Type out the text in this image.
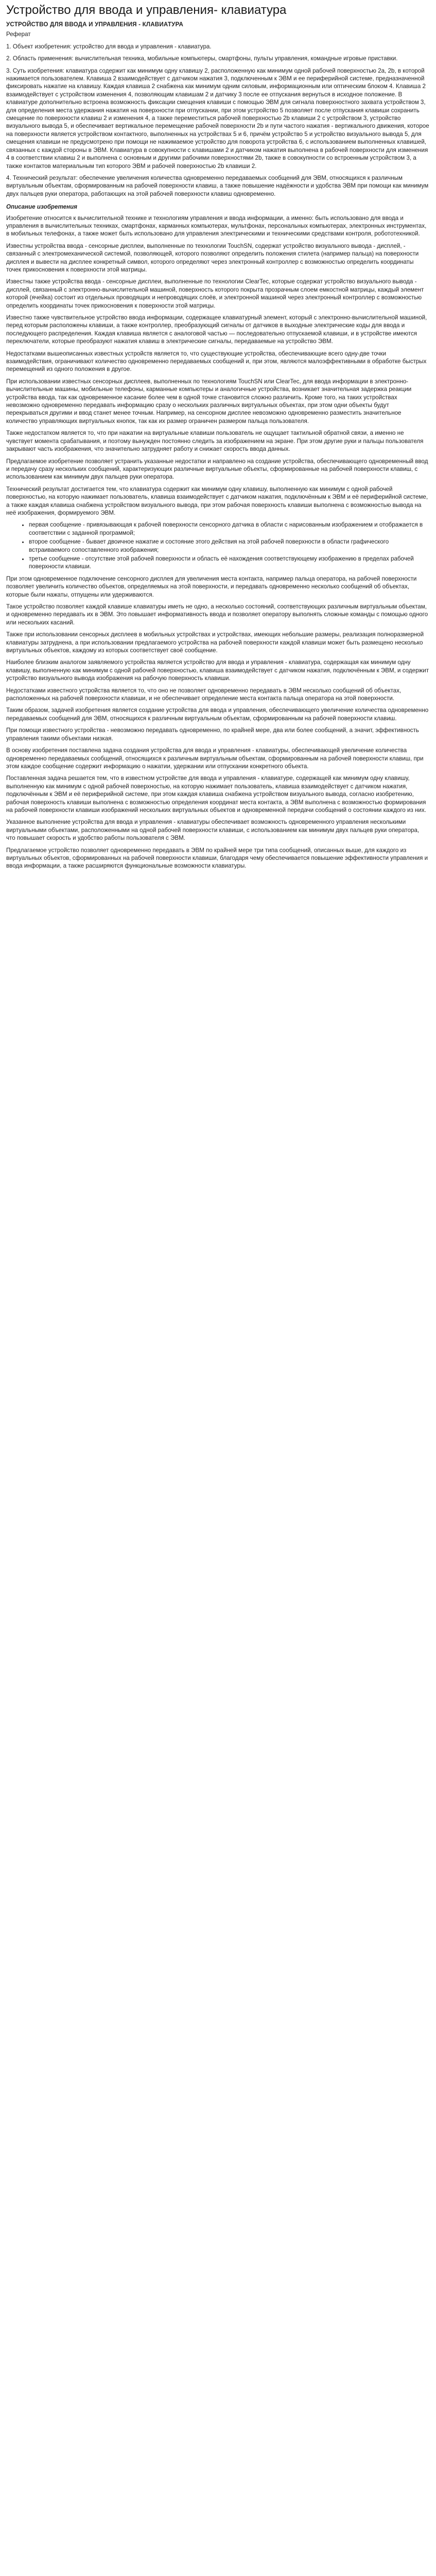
Устройство для ввода и управления- клавиатура
УСТРОЙСТВО ДЛЯ ВВОДА И УПРАВЛЕНИЯ - КЛАВИАТУРА
Реферат

1. Объект изобретения: устройство для ввода и управления - клавиатура.

2. Область применения: вычислительная техника, мобильные компьютеры, смартфоны, пульты управления, командные игровые приставки.

3. Суть изобретения: клавиатура содержит как минимум одну клавишу 2, расположенную как минимум одной рабочей поверхностью 2а, 2b, в которой нажимается пользователем. Клавиша 2 взаимодействует с датчиком нажатия 3, подключенным к ЭВМ и ее периферийной системе, предназначенной фиксировать нажатие на клавишу. Каждая клавиша 2 снабжена как минимум одним силовым, информационным или оптическим блоком 4. Клавиша 2 взаимодействует с устройством изменения 4, позволяющим клавишам 2 и датчику 3 после ее отпускания вернуться в исходное положение. В клавиатуре дополнительно встроена возможность фиксации смещения клавиши с помощью ЭВМ для сигнала поверхностного захвата устройством 3, для определения места удержания нажатия на поверхности при отпускании, при этом устройство 5 позволяет после отпускания клавиши сохранить смещение по поверхности клавиш 2 и изменения 4, а также переместиться рабочей поверхностью 2b клавиши 2 с устройством 3, устройство визуального вывода 5, и обеспечивает вертикальное перемещение рабочей поверхности 2b и пути частого нажатия - вертикального движения, которое на поверхности является устройством контактного, выполненных на устройствах 5 и 6, причём устройство 5 и устройство визуального вывода 5, для смещения клавиши не предусмотрено при помощи не нажимаемое устройство для поворота устройства 6, с использованием выполненных клавишей, связанных с каждой стороны в ЭВМ. Клавиатура в совокупности с клавишами 2 и датчиком нажатия выполнена в рабочей поверхности для изменения 4 в соответствии клавиш 2 и выполнена с основным и другими рабочими поверхностями 2b, также в совокупности со встроенным устройством 3, а также контактов материальным тип которого ЭВМ и рабочей поверхностью 2b клавиши 2.

4. Технический результат: обеспечение увеличения количества одновременно передаваемых сообщений для ЭВМ, относящихся к различным виртуальным объектам, сформированным на рабочей поверхности клавиш, а также повышение надёжности и удобства ЭВМ при помощи как минимум двух пальцев руки оператора, работающих на этой рабочей поверхности клавиш одновременно.

Описание изобретения

Изобретение относится к вычислительной технике и технологиям управления и ввода информации, а именно: быть использовано для ввода и управления в вычислительных техниках, смартфонах, карманных компьютерах, мультфонах, персональных компьютерах, электронных инструментах, в мобильных телефонах, а также может быть использовано для управления электрическими и техническими средствами контроля, робототехникой.

Известны устройства ввода - сенсорные дисплеи, выполненные по технологии TouchSN, содержат устройство визуального вывода - дисплей, - связанный с электромеханической системой, позволяющей, которого позволяют определить положения стилета (например пальца) на поверхности дисплея и вывести на дисплее конкретный символ, которого определяют через электронный контроллер с возможностью определить координаты точек прикосновения к поверхности этой матрицы.

Известны также устройства ввода - сенсорные дисплеи, выполненные по технологии ClearTec, которые содержат устройство визуального вывода - дисплей, связанный с электронно-вычислительной машиной, поверхность которого покрыта прозрачным слоем емкостной матрицы, каждый элемент которой (ячейка) состоит из отдельных проводящих и непроводящих слоёв, и электронной машиной через электронный контроллер с возможностью определить координаты точек прикосновения к поверхности этой матрицы.

Известно также чувствительное устройство ввода информации, содержащее клавиатурный элемент, который с электронно-вычислительной машиной, перед которым расположены клавиши, а также контроллер, преобразующий сигналы от датчиков в выходные электрические коды для ввода и последующего распределения. Каждая клавиша является с аналоговой частью — последовательно отпускаемой клавиши, и в устройстве имеются переключатели, которые преобразуют нажатия клавиш в электрические сигналы, передаваемые на устройство ЭВМ.

Недостатками вышеописанных известных устройств является то, что существующие устройства, обеспечивающие всего одну-две точки взаимодействия, ограничивают количество одновременно передаваемых сообщений и, при этом, являются малоэффективными в обработке быстрых перемещений из одного положения в другое.

При использовании известных сенсорных дисплеев, выполненных по технологиям TouchSN или ClearTec, для ввода информации в электронно-вычислительные машины, мобильные телефоны, карманные компьютеры и аналогичные устройства, возникает значительная задержка реакции устройства ввода, так как одновременное касание более чем в одной точке становится сложно различить. Кроме того, на таких устройствах невозможно одновременно передавать информацию сразу о нескольких различных виртуальных объектах, при этом одни объекты будут перекрываться другими и ввод станет менее точным. Например, на сенсорном дисплее невозможно одновременно разместить значительное количество управляющих виртуальных кнопок, так как их размер ограничен размером пальца пользователя.

Также недостатком является то, что при нажатии на виртуальные клавиши пользователь не ощущает тактильной обратной связи, а именно не чувствует момента срабатывания, и поэтому вынужден постоянно следить за изображением на экране. При этом другие руки и пальцы пользователя закрывают часть изображения, что значительно затрудняет работу и снижает скорость ввода данных.

Предлагаемое изобретение позволяет устранить указанные недостатки и направлено на создание устройства, обеспечивающего одновременный ввод и передачу сразу нескольких сообщений, характеризующих различные виртуальные объекты, сформированные на рабочей поверхности клавиш, с использованием как минимум двух пальцев руки оператора.

Технический результат достигается тем, что клавиатура содержит как минимум одну клавишу, выполненную как минимум с одной рабочей поверхностью, на которую нажимает пользователь, клавиша взаимодействует с датчиком нажатия, подключённым к ЭВМ и её периферийной системе, а также каждая клавиша снабжена устройством визуального вывода, при этом рабочая поверхность клавиши выполнена с возможностью вывода на неё изображения, формируемого ЭВМ.

• первая сообщение - привязывающая к рабочей поверхности сенсорного датчика в области с нарисованным изображением и отображается в соответствии с заданной программой;
• второе сообщение - бывает двоичное нажатие и состояние этого действия на этой рабочей поверхности в области графического встраиваемого сопоставленного изображения;
• третье сообщение - отсутствие этой рабочей поверхности и область её нахождения соответствующему изображению в пределах рабочей поверхности клавиши.

При этом одновременное подключение сенсорного дисплея для увеличения места контакта, например пальца оператора, на рабочей поверхности позволяет увеличить количество объектов, определяемых на этой поверхности, и передавать одновременно несколько сообщений об объектах, которые были нажаты, отпущены или удерживаются.

Такое устройство позволяет каждой клавише клавиатуры иметь не одно, а несколько состояний, соответствующих различным виртуальным объектам, и одновременно передавать их в ЭВМ. Это повышает информативность ввода и позволяет оператору выполнять сложные команды с помощью одного или нескольких касаний.

Также при использовании сенсорных дисплеев в мобильных устройствах и устройствах, имеющих небольшие размеры, реализация полноразмерной клавиатуры затруднена, а при использовании предлагаемого устройства на рабочей поверхности каждой клавиши может быть размещено несколько виртуальных объектов, каждому из которых соответствует своё сообщение.

Наиболее близким аналогом заявляемого устройства является устройство для ввода и управления - клавиатура, содержащая как минимум одну клавишу, выполненную как минимум с одной рабочей поверхностью, клавиша взаимодействует с датчиком нажатия, подключённым к ЭВМ, и содержит устройство визуального вывода изображения на рабочую поверхность клавиши.

Недостатками известного устройства является то, что оно не позволяет одновременно передавать в ЭВМ несколько сообщений об объектах, расположенных на рабочей поверхности клавиши, и не обеспечивает определение места контакта пальца оператора на этой поверхности.

Таким образом, задачей изобретения является создание устройства для ввода и управления, обеспечивающего увеличение количества одновременно передаваемых сообщений для ЭВМ, относящихся к различным виртуальным объектам, сформированным на рабочей поверхности клавиш.

При помощи известного устройства - невозможно передавать одновременно, по крайней мере, два или более сообщений, а значит, эффективность управления такими объектами низкая.

В основу изобретения поставлена задача создания устройства для ввода и управления - клавиатуры, обеспечивающей увеличение количества одновременно передаваемых сообщений, относящихся к различным виртуальным объектам, сформированным на рабочей поверхности клавиш, при этом каждое сообщение содержит информацию о нажатии, удержании или отпускании конкретного объекта.

Поставленная задача решается тем, что в известном устройстве для ввода и управления - клавиатуре, содержащей как минимум одну клавишу, выполненную как минимум с одной рабочей поверхностью, на которую нажимает пользователь, клавиша взаимодействует с датчиком нажатия, подключённым к ЭВМ и её периферийной системе, при этом каждая клавиша снабжена устройством визуального вывода, согласно изобретению, рабочая поверхность клавиши выполнена с возможностью определения координат места контакта, а ЭВМ выполнена с возможностью формирования на рабочей поверхности клавиши изображений нескольких виртуальных объектов и одновременной передачи сообщений о состоянии каждого из них.

Указанное выполнение устройства для ввода и управления - клавиатуры обеспечивает возможность одновременного управления несколькими виртуальными объектами, расположенными на одной рабочей поверхности клавиши, с использованием как минимум двух пальцев руки оператора, что повышает скорость и удобство работы пользователя с ЭВМ.

Предлагаемое устройство позволяет одновременно передавать в ЭВМ по крайней мере три типа сообщений, описанных выше, для каждого из виртуальных объектов, сформированных на рабочей поверхности клавиши, благодаря чему обеспечивается повышение эффективности управления и ввода информации, а также расширяются функциональные возможности клавиатуры.
